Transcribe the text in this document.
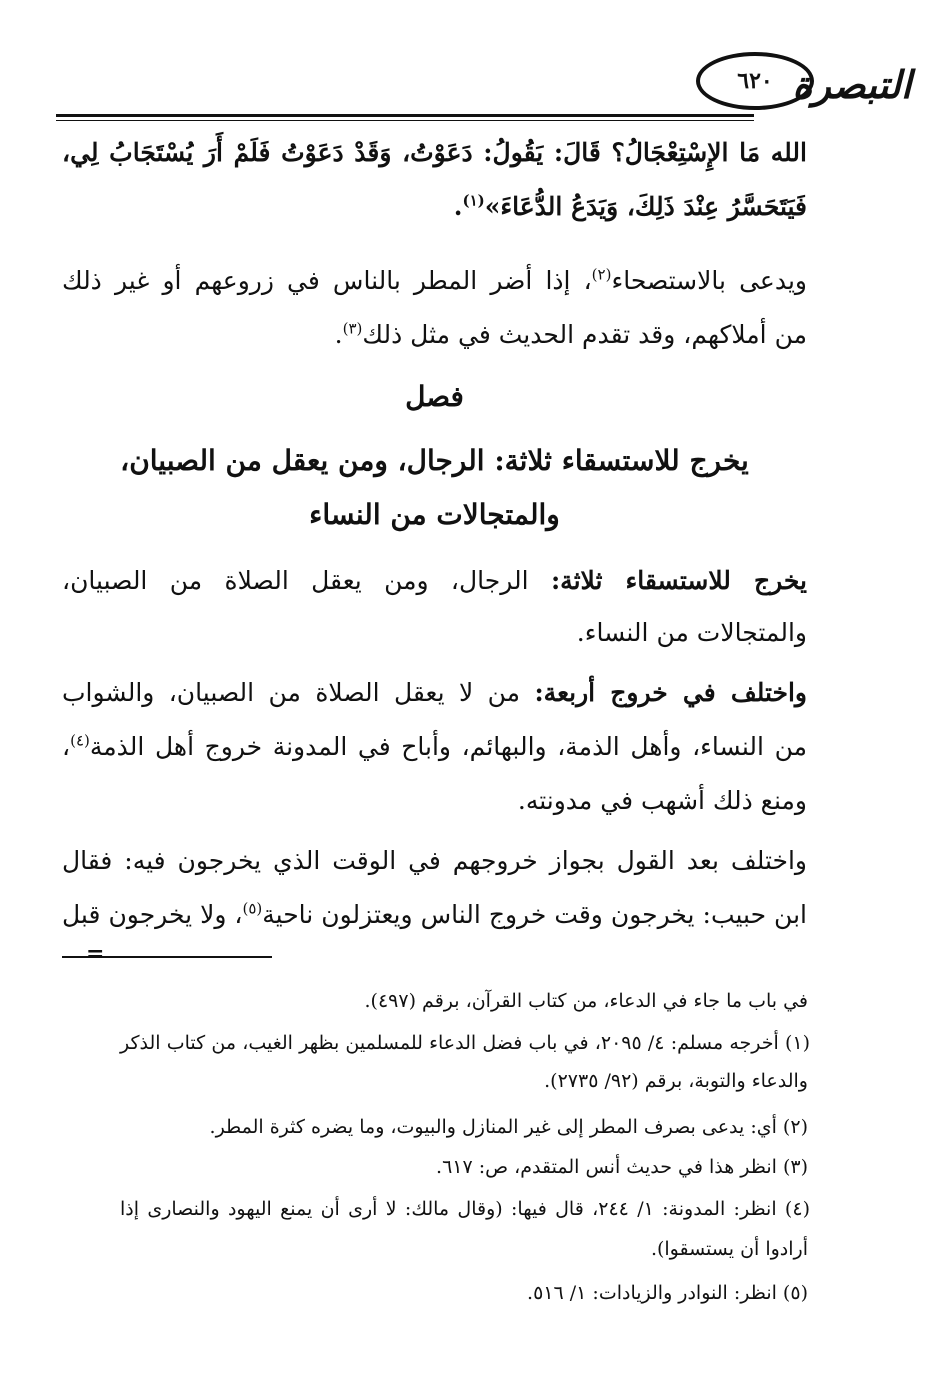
٦٢٠ التبصرة
الله مَا الإِسْتِعْجَالُ؟ قَالَ: يَقُولُ: دَعَوْتُ، وَقَدْ دَعَوْتُ فَلَمْ أَرَ يُسْتَجَابُ لِي،
فَيَتَحَسَّرُ عِنْدَ ذَلِكَ، وَيَدَعُ الدُّعَاءَ»$^{(١)}$.
ويدعى بالاستصحاء$^{(٢)}$، إذا أضر المطر بالناس في زروعهم أو غير ذلك
من أملاكهم، وقد تقدم الحديث في مثل ذلك$^{(٣)}$.
فصل
يخرج للاستسقاء ثلاثة: الرجال، ومن يعقل من الصبيان،
والمتجالات من النساء
يخرج للاستسقاء ثلاثة: الرجال، ومن يعقل الصلاة من الصبيان،
والمتجالات من النساء.
واختلف في خروج أربعة: من لا يعقل الصلاة من الصبيان، والشواب
من النساء، وأهل الذمة، والبهائم، وأباح في المدونة خروج أهل الذمة$^{(٤)}$،
ومنع ذلك أشهب في مدونته.
واختلف بعد القول بجواز خروجهم في الوقت الذي يخرجون فيه: فقال
ابن حبيب: يخرجون وقت خروج الناس ويعتزلون ناحية$^{(٥)}$، ولا يخرجون قبل
=
في باب ما جاء في الدعاء، من كتاب القرآن، برقم (٤٩٧).
(١) أخرجه مسلم: ٤/ ٢٠٩٥، في باب فضل الدعاء للمسلمين بظهر الغيب، من كتاب الذكر
والدعاء والتوبة، برقم (٩٢/ ٢٧٣٥).
(٢) أي: يدعى بصرف المطر إلى غير المنازل والبيوت، وما يضره كثرة المطر.
(٣) انظر هذا في حديث أنس المتقدم، ص: ٦١٧.
(٤) انظر: المدونة: ١/ ٢٤٤، قال فيها: (وقال مالك: لا أرى أن يمنع اليهود والنصارى إذا
أرادوا أن يستسقوا).
(٥) انظر: النوادر والزيادات: ١/ ٥١٦.
